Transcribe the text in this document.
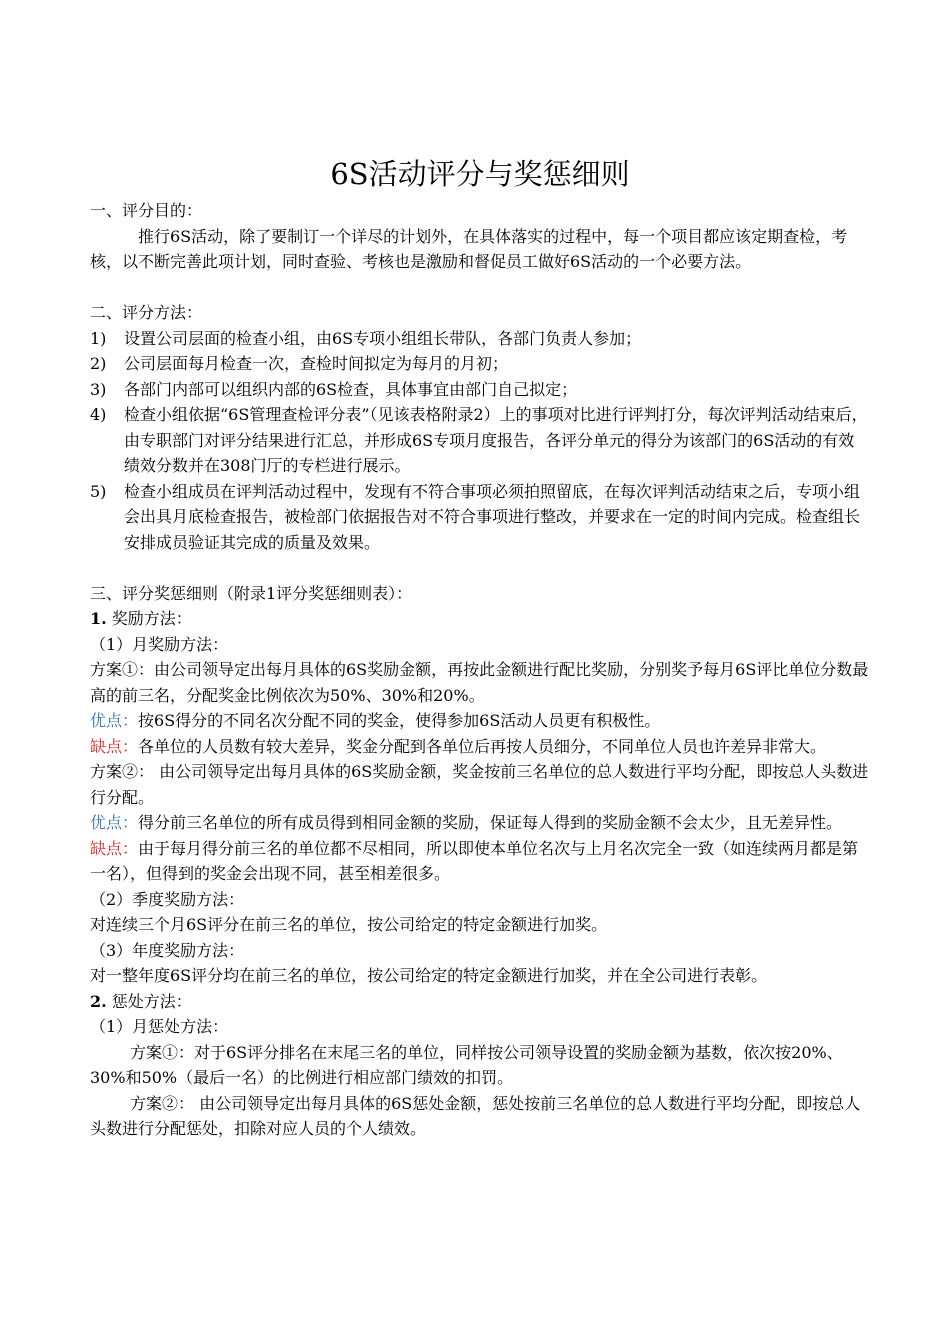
6S活动评分与奖惩细则

一、评分目的：

推行6S活动，除了要制订一个详尽的计划外，在具体落实的过程中，每一个项目都应该定期查检，考核，以不断完善此项计划，同时查验、考核也是激励和督促员工做好6S活动的一个必要方法。

二、评分方法：

1) 设置公司层面的检查小组，由6S专项小组组长带队，各部门负责人参加；
2) 公司层面每月检查一次，查检时间拟定为每月的月初；
3) 各部门内部可以组织内部的6S检查，具体事宜由部门自己拟定；
4) 检查小组依据“6S管理查检评分表”（见该表格附录2）上的事项对比进行评判打分，每次评判活动结束后，由专职部门对评分结果进行汇总，并形成6S专项月度报告，各评分单元的得分为该部门的6S活动的有效绩效分数并在308门厅的专栏进行展示。
5) 检查小组成员在评判活动过程中，发现有不符合事项必须拍照留底，在每次评判活动结束之后，专项小组会出具月底检查报告，被检部门依据报告对不符合事项进行整改，并要求在一定的时间内完成。检查组长安排成员验证其完成的质量及效果。

三、评分奖惩细则（附录1评分奖惩细则表）：

1. 奖励方法：

（1）月奖励方法：

方案①：由公司领导定出每月具体的6S奖励金额，再按此金额进行配比奖励，分别奖予每月6S评比单位分数最高的前三名，分配奖金比例依次为50%、30%和20%。

优点：按6S得分的不同名次分配不同的奖金，使得参加6S活动人员更有积极性。

缺点：各单位的人员数有较大差异，奖金分配到各单位后再按人员细分，不同单位人员也许差异非常大。

方案②： 由公司领导定出每月具体的6S奖励金额，奖金按前三名单位的总人数进行平均分配，即按总人头数进行分配。

优点：得分前三名单位的所有成员得到相同金额的奖励，保证每人得到的奖励金额不会太少，且无差异性。

缺点：由于每月得分前三名的单位都不尽相同，所以即使本单位名次与上月名次完全一致（如连续两月都是第一名），但得到的奖金会出现不同，甚至相差很多。

（2）季度奖励方法：

对连续三个月6S评分在前三名的单位，按公司给定的特定金额进行加奖。

（3）年度奖励方法：

对一整年度6S评分均在前三名的单位，按公司给定的特定金额进行加奖，并在全公司进行表彰。

2. 惩处方法：

（1）月惩处方法：

方案①：对于6S评分排名在末尾三名的单位，同样按公司领导设置的奖励金额为基数，依次按20%、30%和50%（最后一名）的比例进行相应部门绩效的扣罚。

方案②： 由公司领导定出每月具体的6S惩处金额，惩处按前三名单位的总人数进行平均分配，即按总人头数进行分配惩处，扣除对应人员的个人绩效。
